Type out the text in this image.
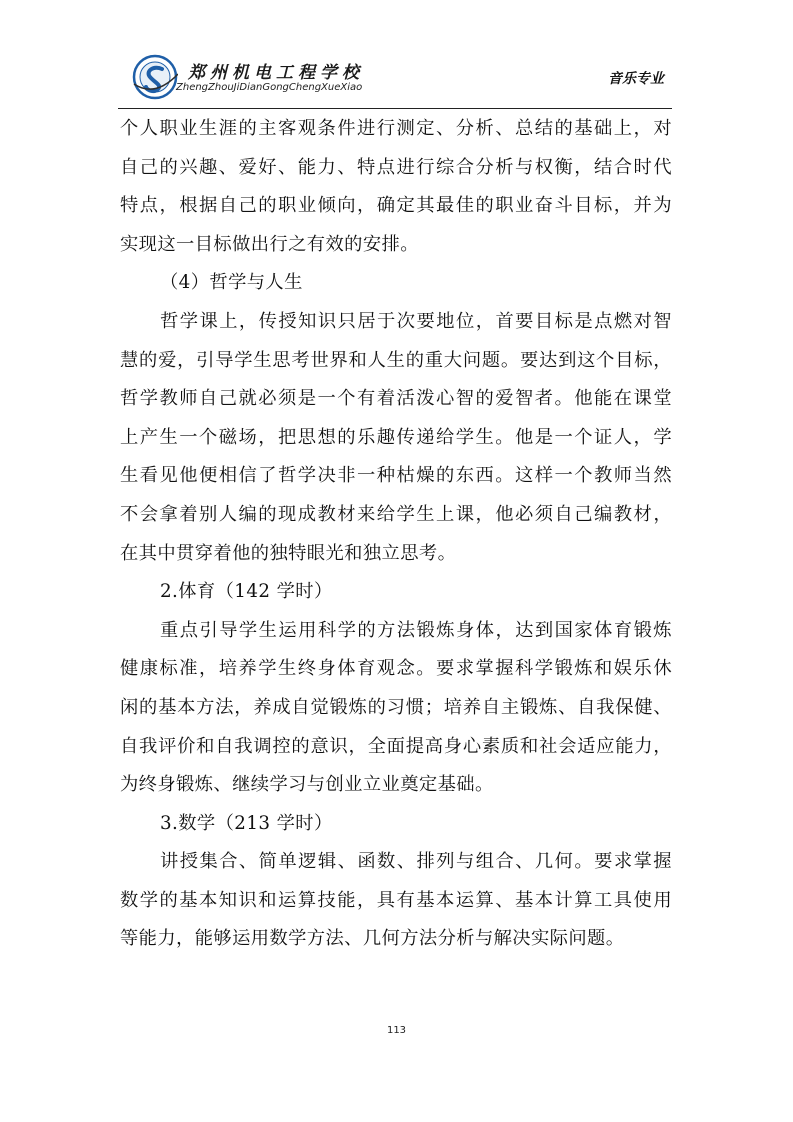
郑州机电工程学校
ZhengZhouJiDianGongChengXueXiao
音乐专业
个人职业生涯的主客观条件进行测定、分析、总结的基础上，对
自己的兴趣、爱好、能力、特点进行综合分析与权衡，结合时代
特点，根据自己的职业倾向，确定其最佳的职业奋斗目标，并为
实现这一目标做出行之有效的安排。
（4）哲学与人生
哲学课上，传授知识只居于次要地位，首要目标是点燃对智
慧的爱，引导学生思考世界和人生的重大问题。要达到这个目标，
哲学教师自己就必须是一个有着活泼心智的爱智者。他能在课堂
上产生一个磁场，把思想的乐趣传递给学生。他是一个证人，学
生看见他便相信了哲学决非一种枯燥的东西。这样一个教师当然
不会拿着别人编的现成教材来给学生上课，他必须自己编教材，
在其中贯穿着他的独特眼光和独立思考。
2.体育（142 学时）
重点引导学生运用科学的方法锻炼身体，达到国家体育锻炼
健康标准，培养学生终身体育观念。要求掌握科学锻炼和娱乐休
闲的基本方法，养成自觉锻炼的习惯；培养自主锻炼、自我保健、
自我评价和自我调控的意识，全面提高身心素质和社会适应能力，
为终身锻炼、继续学习与创业立业奠定基础。
3.数学（213 学时）
讲授集合、简单逻辑、函数、排列与组合、几何。要求掌握
数学的基本知识和运算技能，具有基本运算、基本计算工具使用
等能力，能够运用数学方法、几何方法分析与解决实际问题。
113
